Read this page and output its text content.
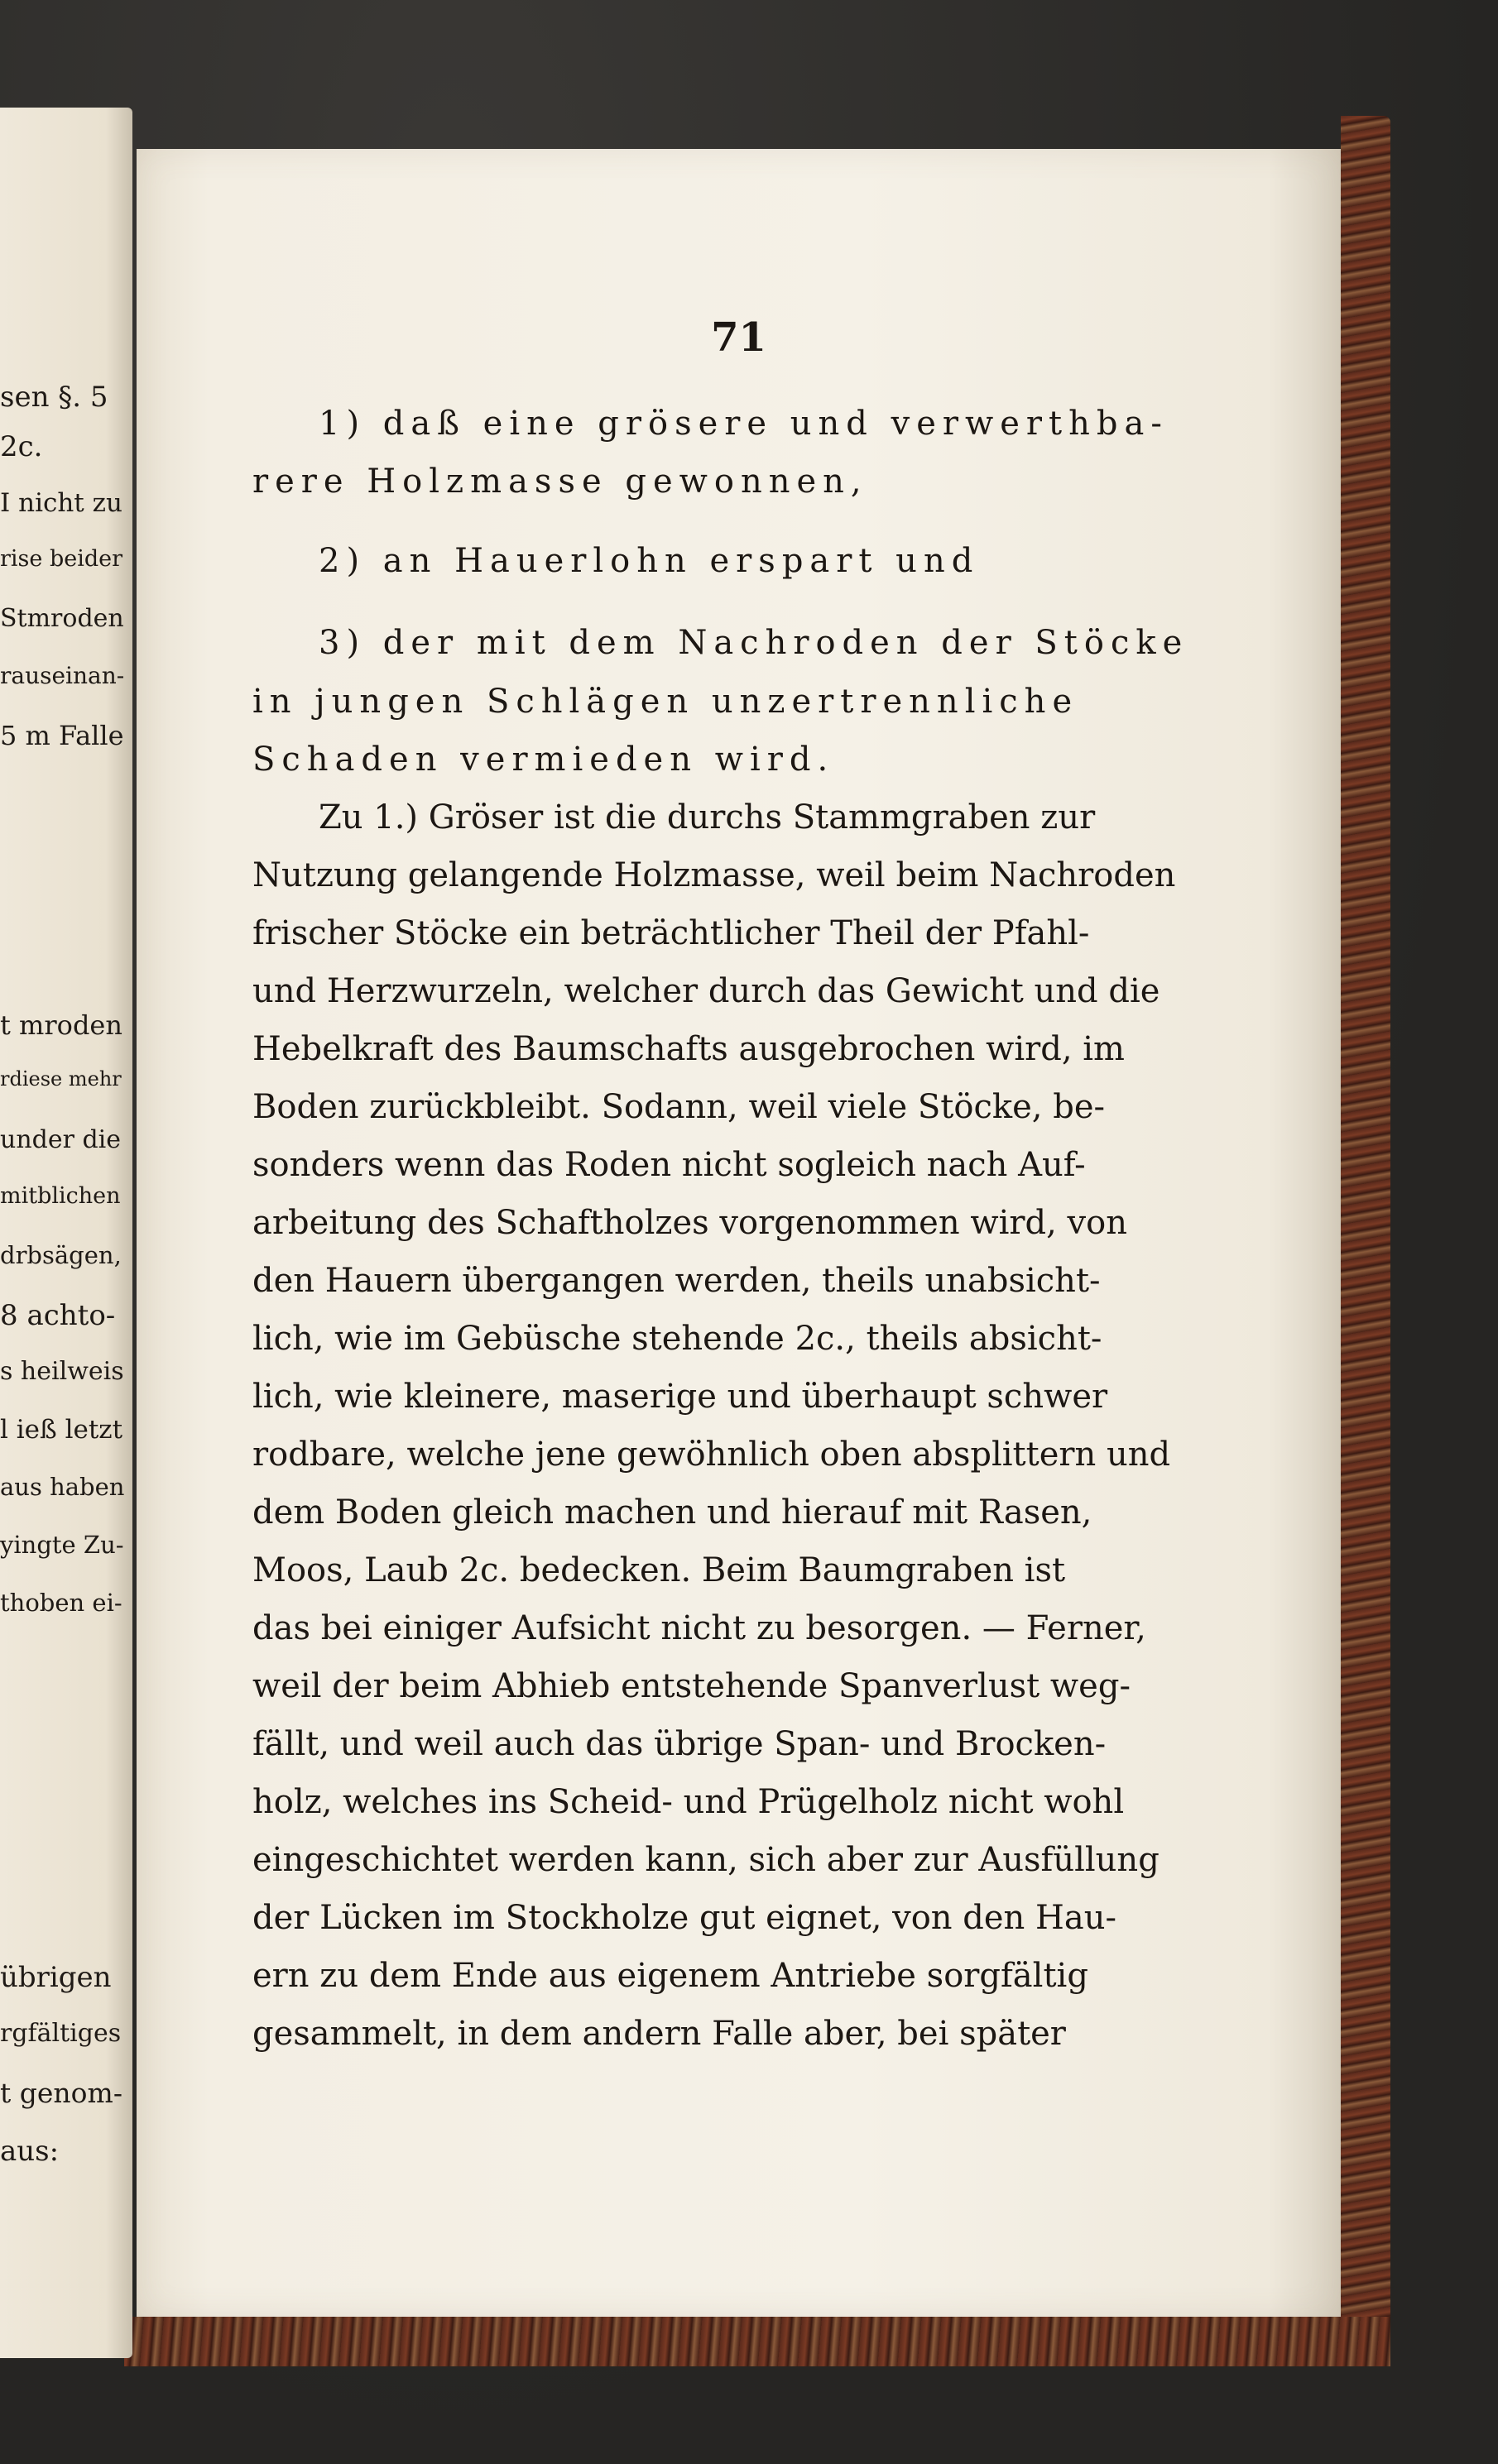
sen §. 5
2c.
I nicht zu
rise beider
Stmroden
rauseinan-
5 m Falle
t mroden
rdiese mehr
under die
mitblichen
drbsägen,
8 achto-
s heilweis
l ieß letzt
aus haben
yingte Zu-
thoben ei-
übrigen
rgfältiges
t genom-
aus:
71
1) daß eine grösere und verwerthba-
rere Holzmasse gewonnen,
2) an Hauerlohn erspart und
3) der mit dem Nachroden der Stöcke
in jungen Schlägen unzertrennliche
Schaden vermieden wird.
Zu 1.) Gröser ist die durchs Stammgraben zur
Nutzung gelangende Holzmasse, weil beim Nachroden
frischer Stöcke ein beträchtlicher Theil der Pfahl-
und Herzwurzeln, welcher durch das Gewicht und die
Hebelkraft des Baumschafts ausgebrochen wird, im
Boden zurückbleibt. Sodann, weil viele Stöcke, be-
sonders wenn das Roden nicht sogleich nach Auf-
arbeitung des Schaftholzes vorgenommen wird, von
den Hauern übergangen werden, theils unabsicht-
lich, wie im Gebüsche stehende 2c., theils absicht-
lich, wie kleinere, maserige und überhaupt schwer
rodbare, welche jene gewöhnlich oben absplittern und
dem Boden gleich machen und hierauf mit Rasen,
Moos, Laub 2c. bedecken. Beim Baumgraben ist
das bei einiger Aufsicht nicht zu besorgen. — Ferner,
weil der beim Abhieb entstehende Spanverlust weg-
fällt, und weil auch das übrige Span- und Brocken-
holz, welches ins Scheid- und Prügelholz nicht wohl
eingeschichtet werden kann, sich aber zur Ausfüllung
der Lücken im Stockholze gut eignet, von den Hau-
ern zu dem Ende aus eigenem Antriebe sorgfältig
gesammelt, in dem andern Falle aber, bei später
